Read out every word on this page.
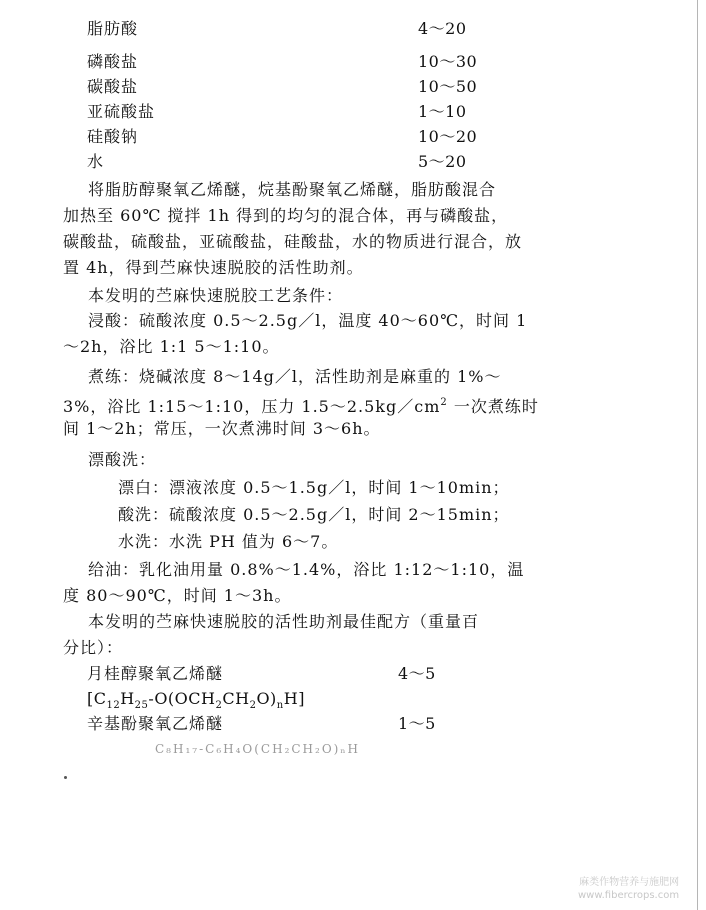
脂肪酸	4～20
磷酸盐	10～30
碳酸盐	10～50
亚硫酸盐	1～10
硅酸钠	10～20
水	5～20
将脂肪醇聚氧乙烯醚，烷基酚聚氧乙烯醚，脂肪酸混合
加热至 60℃ 搅拌 1h 得到的均匀的混合体，再与磷酸盐，
碳酸盐，硫酸盐，亚硫酸盐，硅酸盐，水的物质进行混合，放
置 4h，得到苎麻快速脱胶的活性助剂。
本发明的苎麻快速脱胶工艺条件：
浸酸：硫酸浓度 0.5～2.5g／l，温度 40～60℃，时间 1
～2h，浴比 1:1 5～1:10。
煮练：烧碱浓度 8～14g／l，活性助剂是麻重的 1%～
3%，浴比 1:15～1:10，压力 $1.5\sim 2.5kg/cm^2$ 一次煮练时
间 1～2h；常压，一次煮沸时间 3～6h。
漂酸洗：
漂白：漂液浓度 0.5～1.5g／l，时间 1～10min；
酸洗：硫酸浓度 0.5～2.5g／l，时间 2～15min；
水洗：水洗 PH 值为 6～7。
给油：乳化油用量 0.8%～1.4%，浴比 1:12～1:10，温
度 80～90℃，时间 1～3h。
本发明的苎麻快速脱胶的活性助剂最佳配方（重量百
分比）：
月桂醇聚氧乙烯醚	4～5
$[C_{12}H_{25}-O(OCH_2CH_2O)_nH]$
辛基酚聚氧乙烯醚	1～5
C₈H₁₇-C₆H₄O(CH₂CH₂O)ₙH
麻类作物营养与施肥网
www.fibercrops.com
